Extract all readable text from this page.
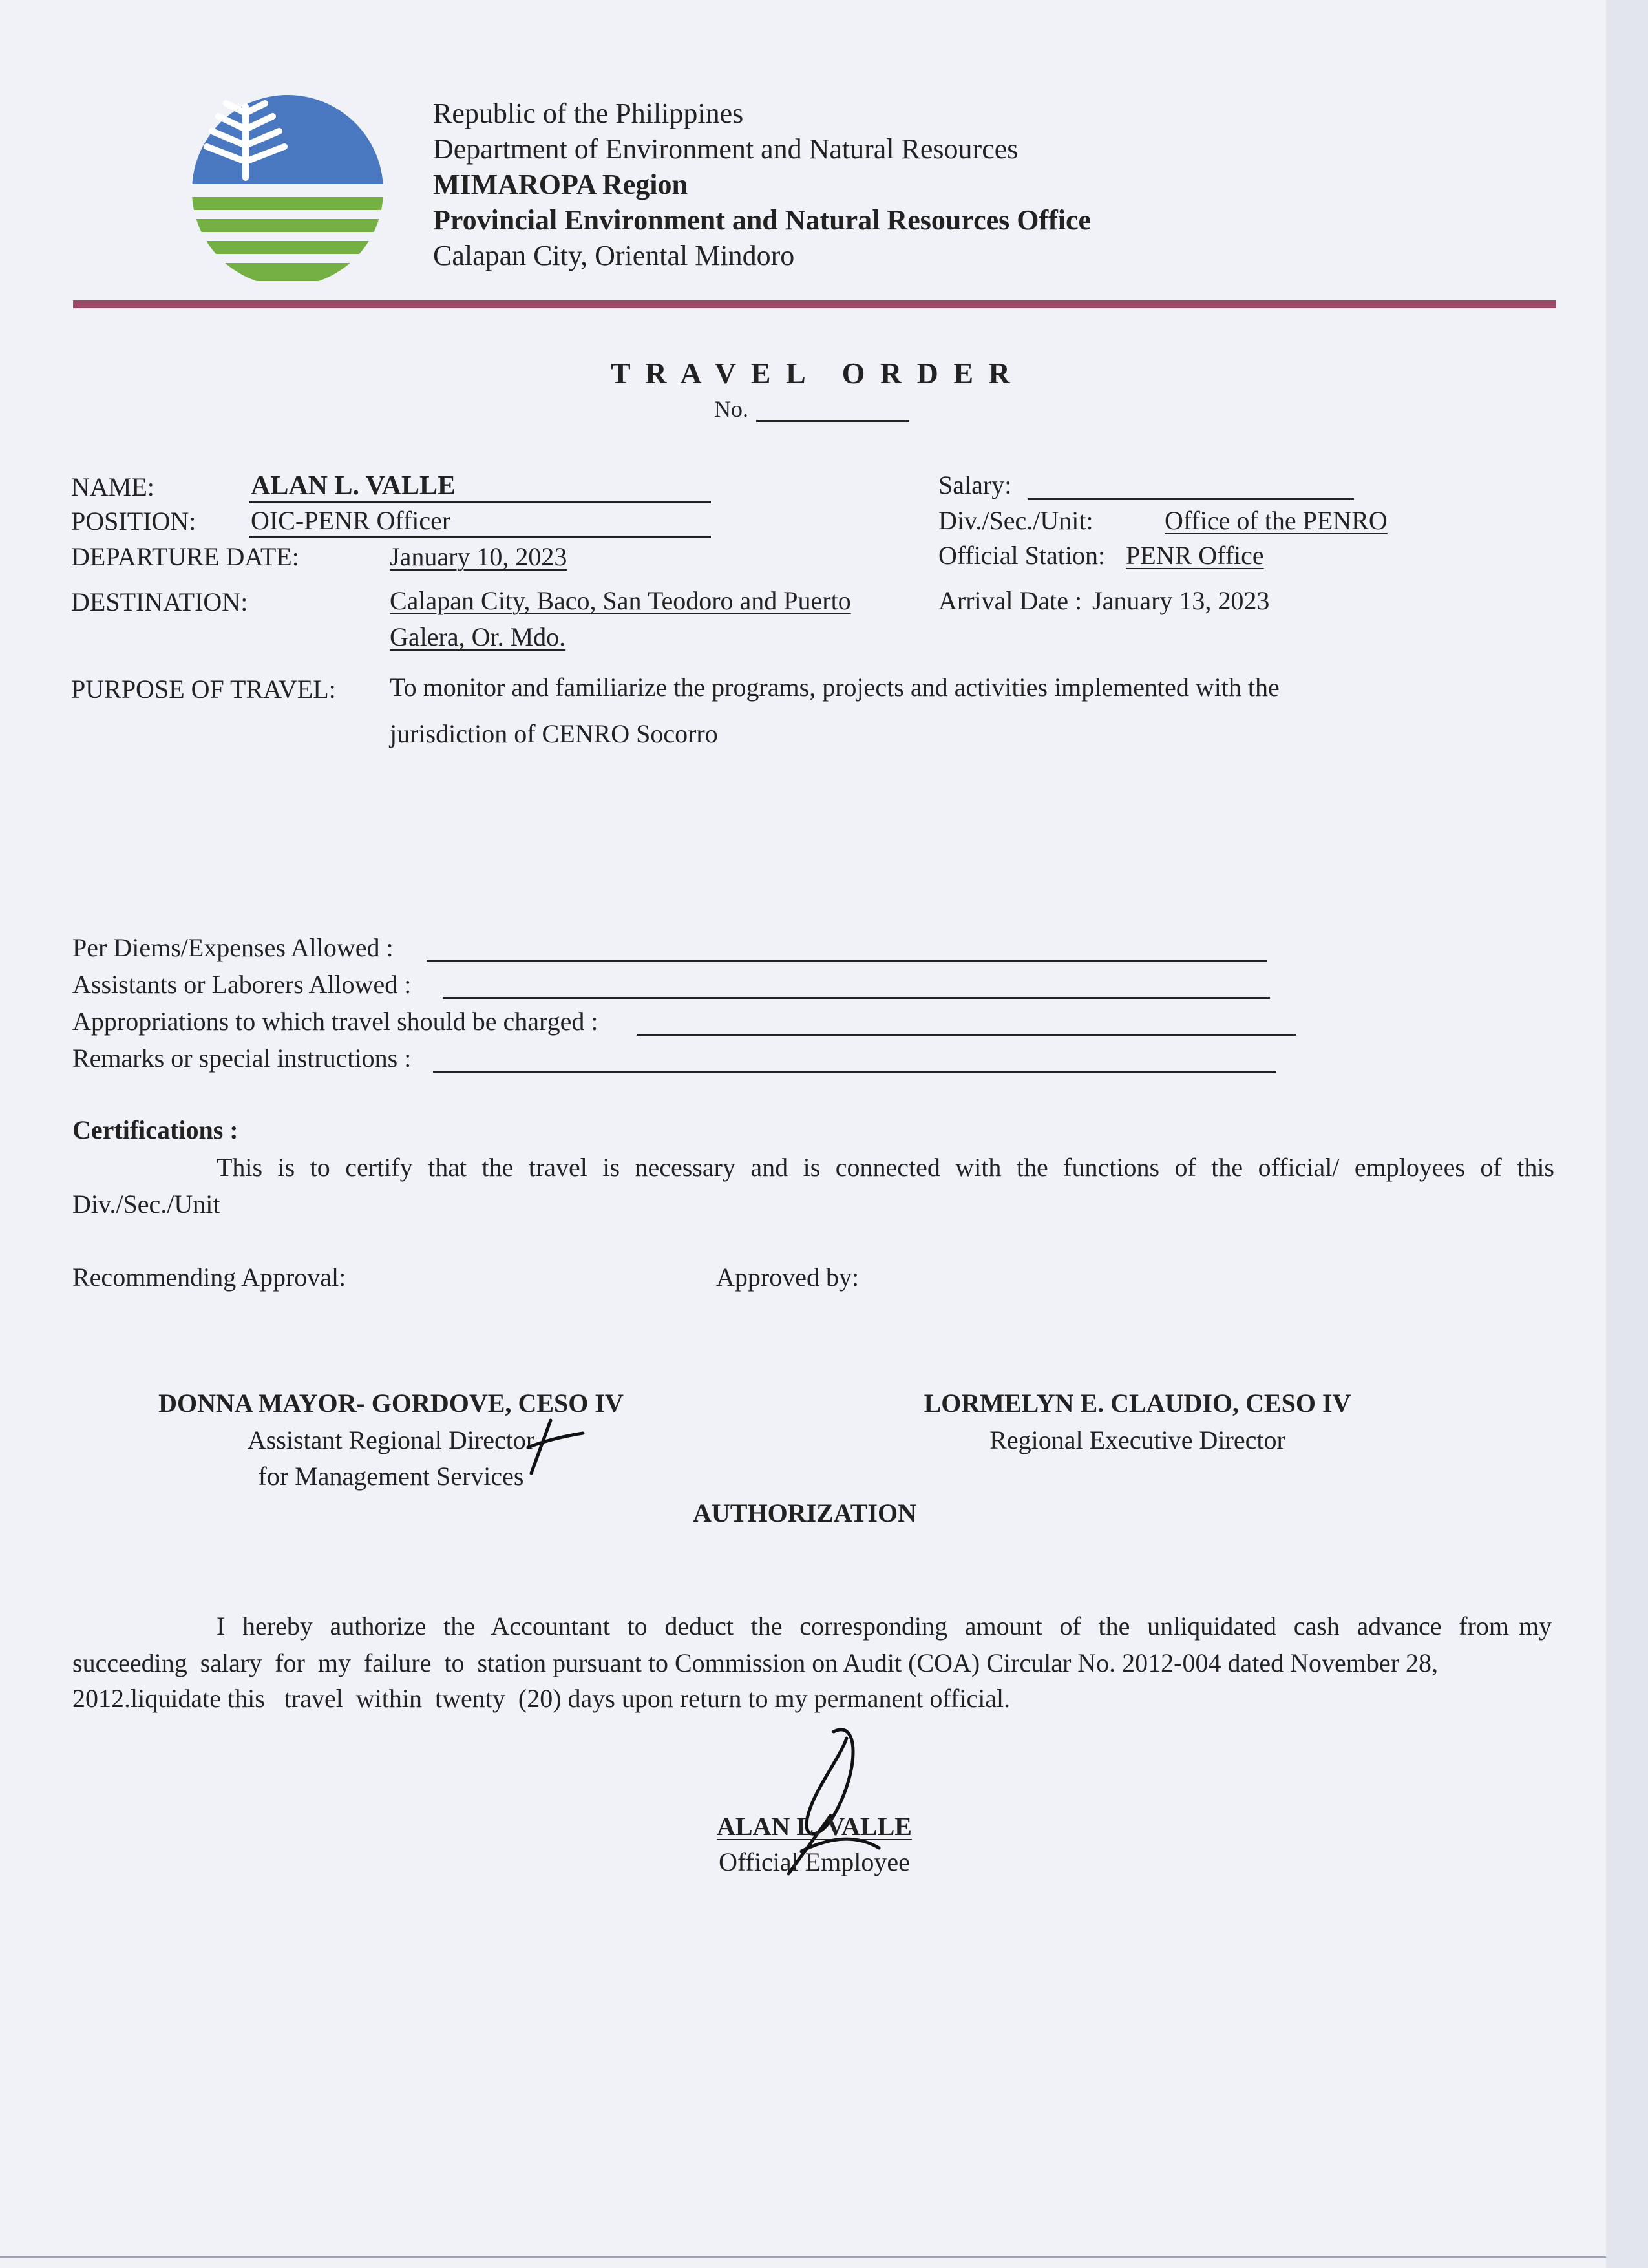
Republic of the Philippines
Department of Environment and Natural Resources
MIMAROPA Region
Provincial Environment and Natural Resources Office
Calapan City, Oriental Mindoro
T R A V E L   O R D E R
No.
NAME:	ALAN L. VALLE
POSITION: OIC-PENR Officer
DEPARTURE DATE:	January 10, 2023
DESTINATION:	Calapan City, Baco, San Teodoro and Puerto
Galera, Or. Mdo.
Salary:
Div./Sec./Unit:	Office of the PENRO
Official Station: PENR Office
Arrival Date : January 13, 2023
PURPOSE OF TRAVEL: To monitor and familiarize the programs, projects and activities implemented with the
jurisdiction of CENRO Socorro
Per Diems/Expenses Allowed :
Assistants or Laborers Allowed :
Appropriations to which travel should be charged :
Remarks or special instructions :
Certifications :
This is to certify that the travel is necessary and is connected with the functions of the official/ employees of this
Div./Sec./Unit
Recommending Approval:	Approved by:
DONNA MAYOR- GORDOVE, CESO IV
Assistant Regional Director
for Management Services
LORMELYN E. CLAUDIO, CESO IV
Regional Executive Director
AUTHORIZATION
I hereby authorize the Accountant to deduct the corresponding amount of the unliquidated cash advance from my
succeeding  salary  for  my  failure  to  station pursuant to Commission on Audit (COA) Circular No. 2012-004 dated November 28,
2012.liquidate this   travel  within  twenty  (20) days upon return to my permanent official.
ALAN L. VALLE
Official Employee
